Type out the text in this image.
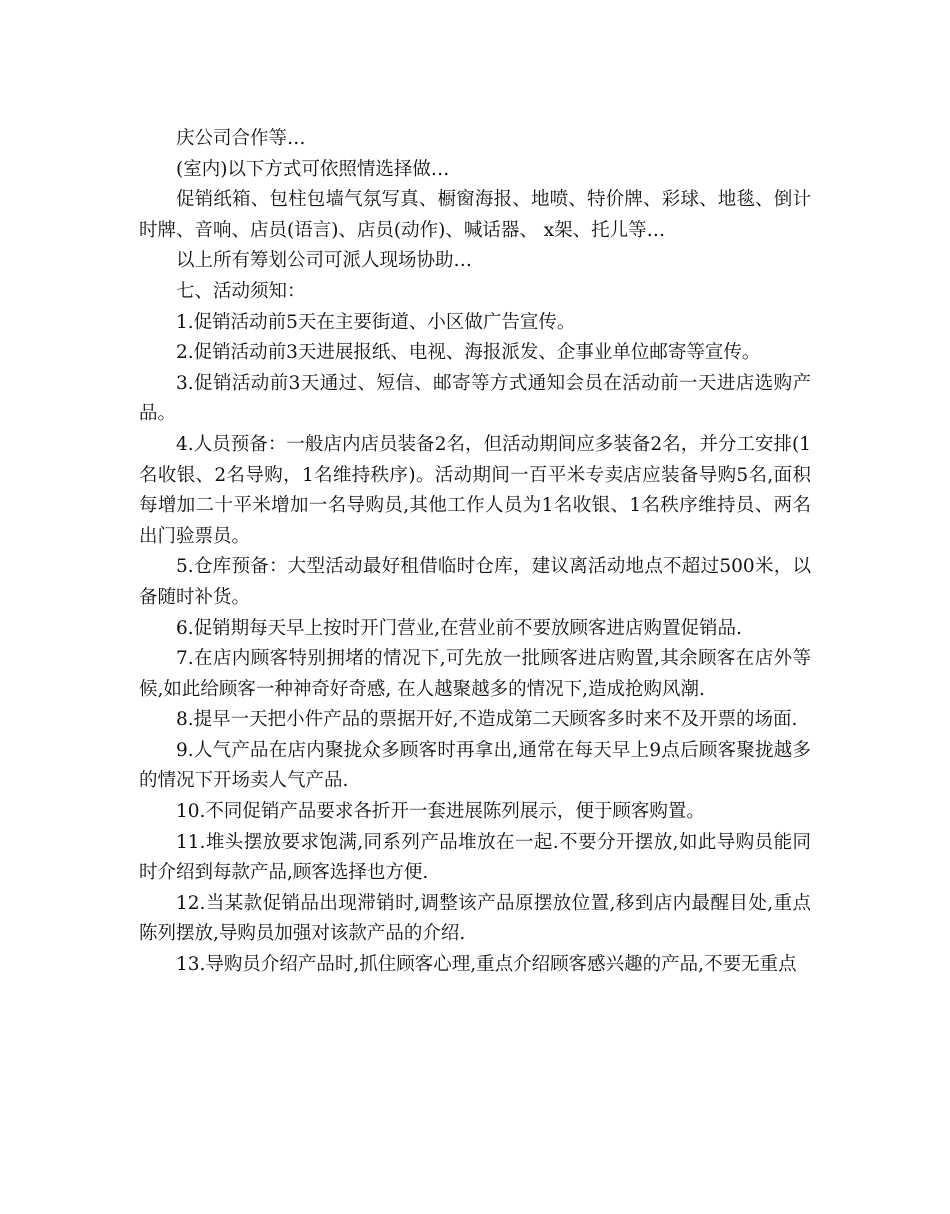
庆公司合作等…

(室内)以下方式可依照情选择做…

促销纸箱、包柱包墙气氛写真、橱窗海报、地喷、特价牌、彩球、地毯、倒计时牌、音响、店员(语言)、店员(动作)、喊话器、 x架、托儿等…

以上所有筹划公司可派人现场协助…

七、活动须知：

1.促销活动前5天在主要街道、小区做广告宣传。

2.促销活动前3天进展报纸、电视、海报派发、企事业单位邮寄等宣传。

3.促销活动前3天通过、短信、邮寄等方式通知会员在活动前一天进店选购产品。

4.人员预备：一般店内店员装备2名，但活动期间应多装备2名，并分工安排(1名收银、2名导购，1名维持秩序)。活动期间一百平米专卖店应装备导购5名,面积每增加二十平米增加一名导购员,其他工作人员为1名收银、1名秩序维持员、两名出门验票员。

5.仓库预备：大型活动最好租借临时仓库，建议离活动地点不超过500米，以备随时补货。

6.促销期每天早上按时开门营业,在营业前不要放顾客进店购置促销品.

7.在店内顾客特别拥堵的情况下,可先放一批顾客进店购置,其余顾客在店外等候,如此给顾客一种神奇好奇感, 在人越聚越多的情况下,造成抢购风潮.

8.提早一天把小件产品的票据开好,不造成第二天顾客多时来不及开票的场面.

9.人气产品在店内聚拢众多顾客时再拿出,通常在每天早上9点后顾客聚拢越多的情况下开场卖人气产品.

10.不同促销产品要求各折开一套进展陈列展示，便于顾客购置。

11.堆头摆放要求饱满,同系列产品堆放在一起.不要分开摆放,如此导购员能同时介绍到每款产品,顾客选择也方便.

12.当某款促销品出现滞销时,调整该产品原摆放位置,移到店内最醒目处,重点陈列摆放,导购员加强对该款产品的介绍.

13.导购员介绍产品时,抓住顾客心理,重点介绍顾客感兴趣的产品,不要无重点
